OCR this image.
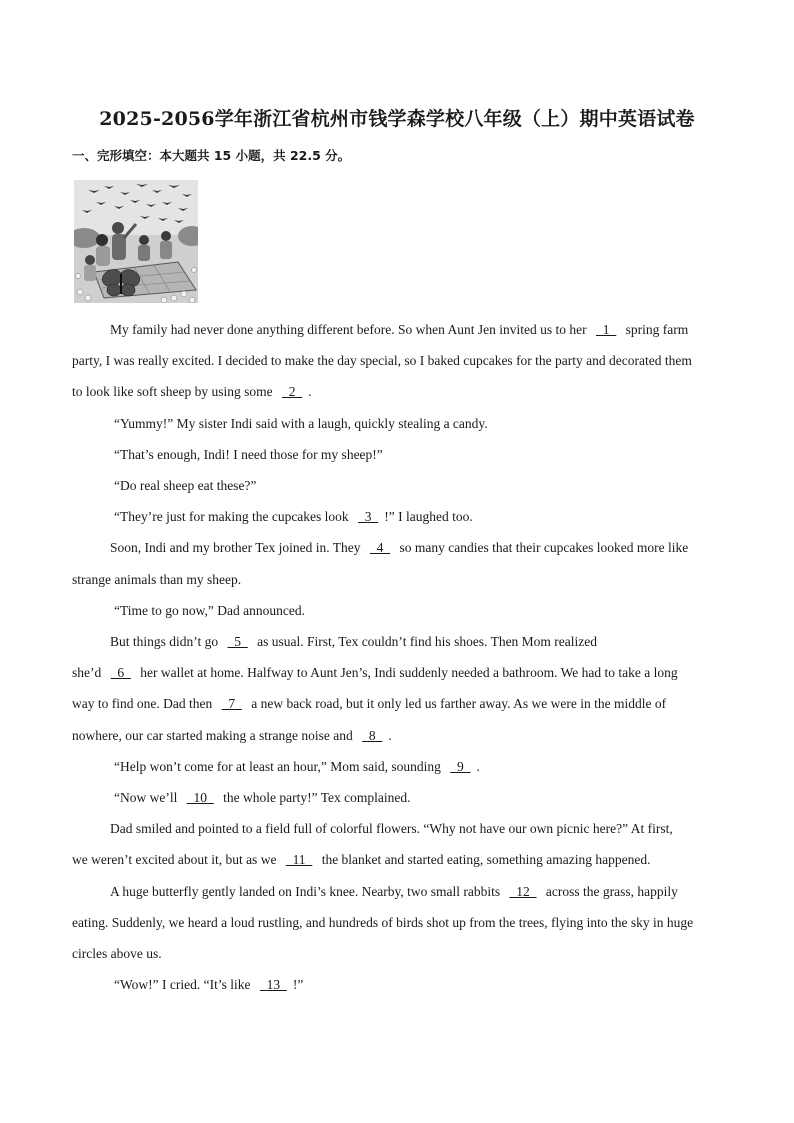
2025-2056学年浙江省杭州市钱学森学校八年级（上）期中英语试卷
一、完形填空：本大题共 15 小题，共 22.5 分。
My family had never done anything different before. So when Aunt Jen invited us to her   1   spring farm
party, I was really excited. I decided to make the day special, so I baked cupcakes for the party and decorated them
to look like soft sheep by using some   2  .
“Yummy!” My sister Indi said with a laugh, quickly stealing a candy.
“That’s enough, Indi! I need those for my sheep!”
“Do real sheep eat these?”
“They’re just for making the cupcakes look   3  !” I laughed too.
Soon, Indi and my brother Tex joined in. They   4   so many candies that their cupcakes looked more like
strange animals than my sheep.
“Time to go now,” Dad announced.
But things didn’t go   5   as usual. First, Tex couldn’t find his shoes. Then Mom realized
she’d   6   her wallet at home. Halfway to Aunt Jen’s, Indi suddenly needed a bathroom. We had to take a long
way to find one. Dad then   7   a new back road, but it only led us farther away. As we were in the middle of
nowhere, our car started making a strange noise and   8  .
“Help won’t come for at least an hour,” Mom said, sounding   9  .
“Now we’ll   10   the whole party!” Tex complained.
Dad smiled and pointed to a field full of colorful flowers. “Why not have our own picnic here?” At first,
we weren’t excited about it, but as we   11   the blanket and started eating, something amazing happened.
A huge butterfly gently landed on Indi’s knee. Nearby, two small rabbits   12   across the grass, happily
eating. Suddenly, we heard a loud rustling, and hundreds of birds shot up from the trees, flying into the sky in huge
circles above us.
“Wow!” I cried. “It’s like   13  !”
